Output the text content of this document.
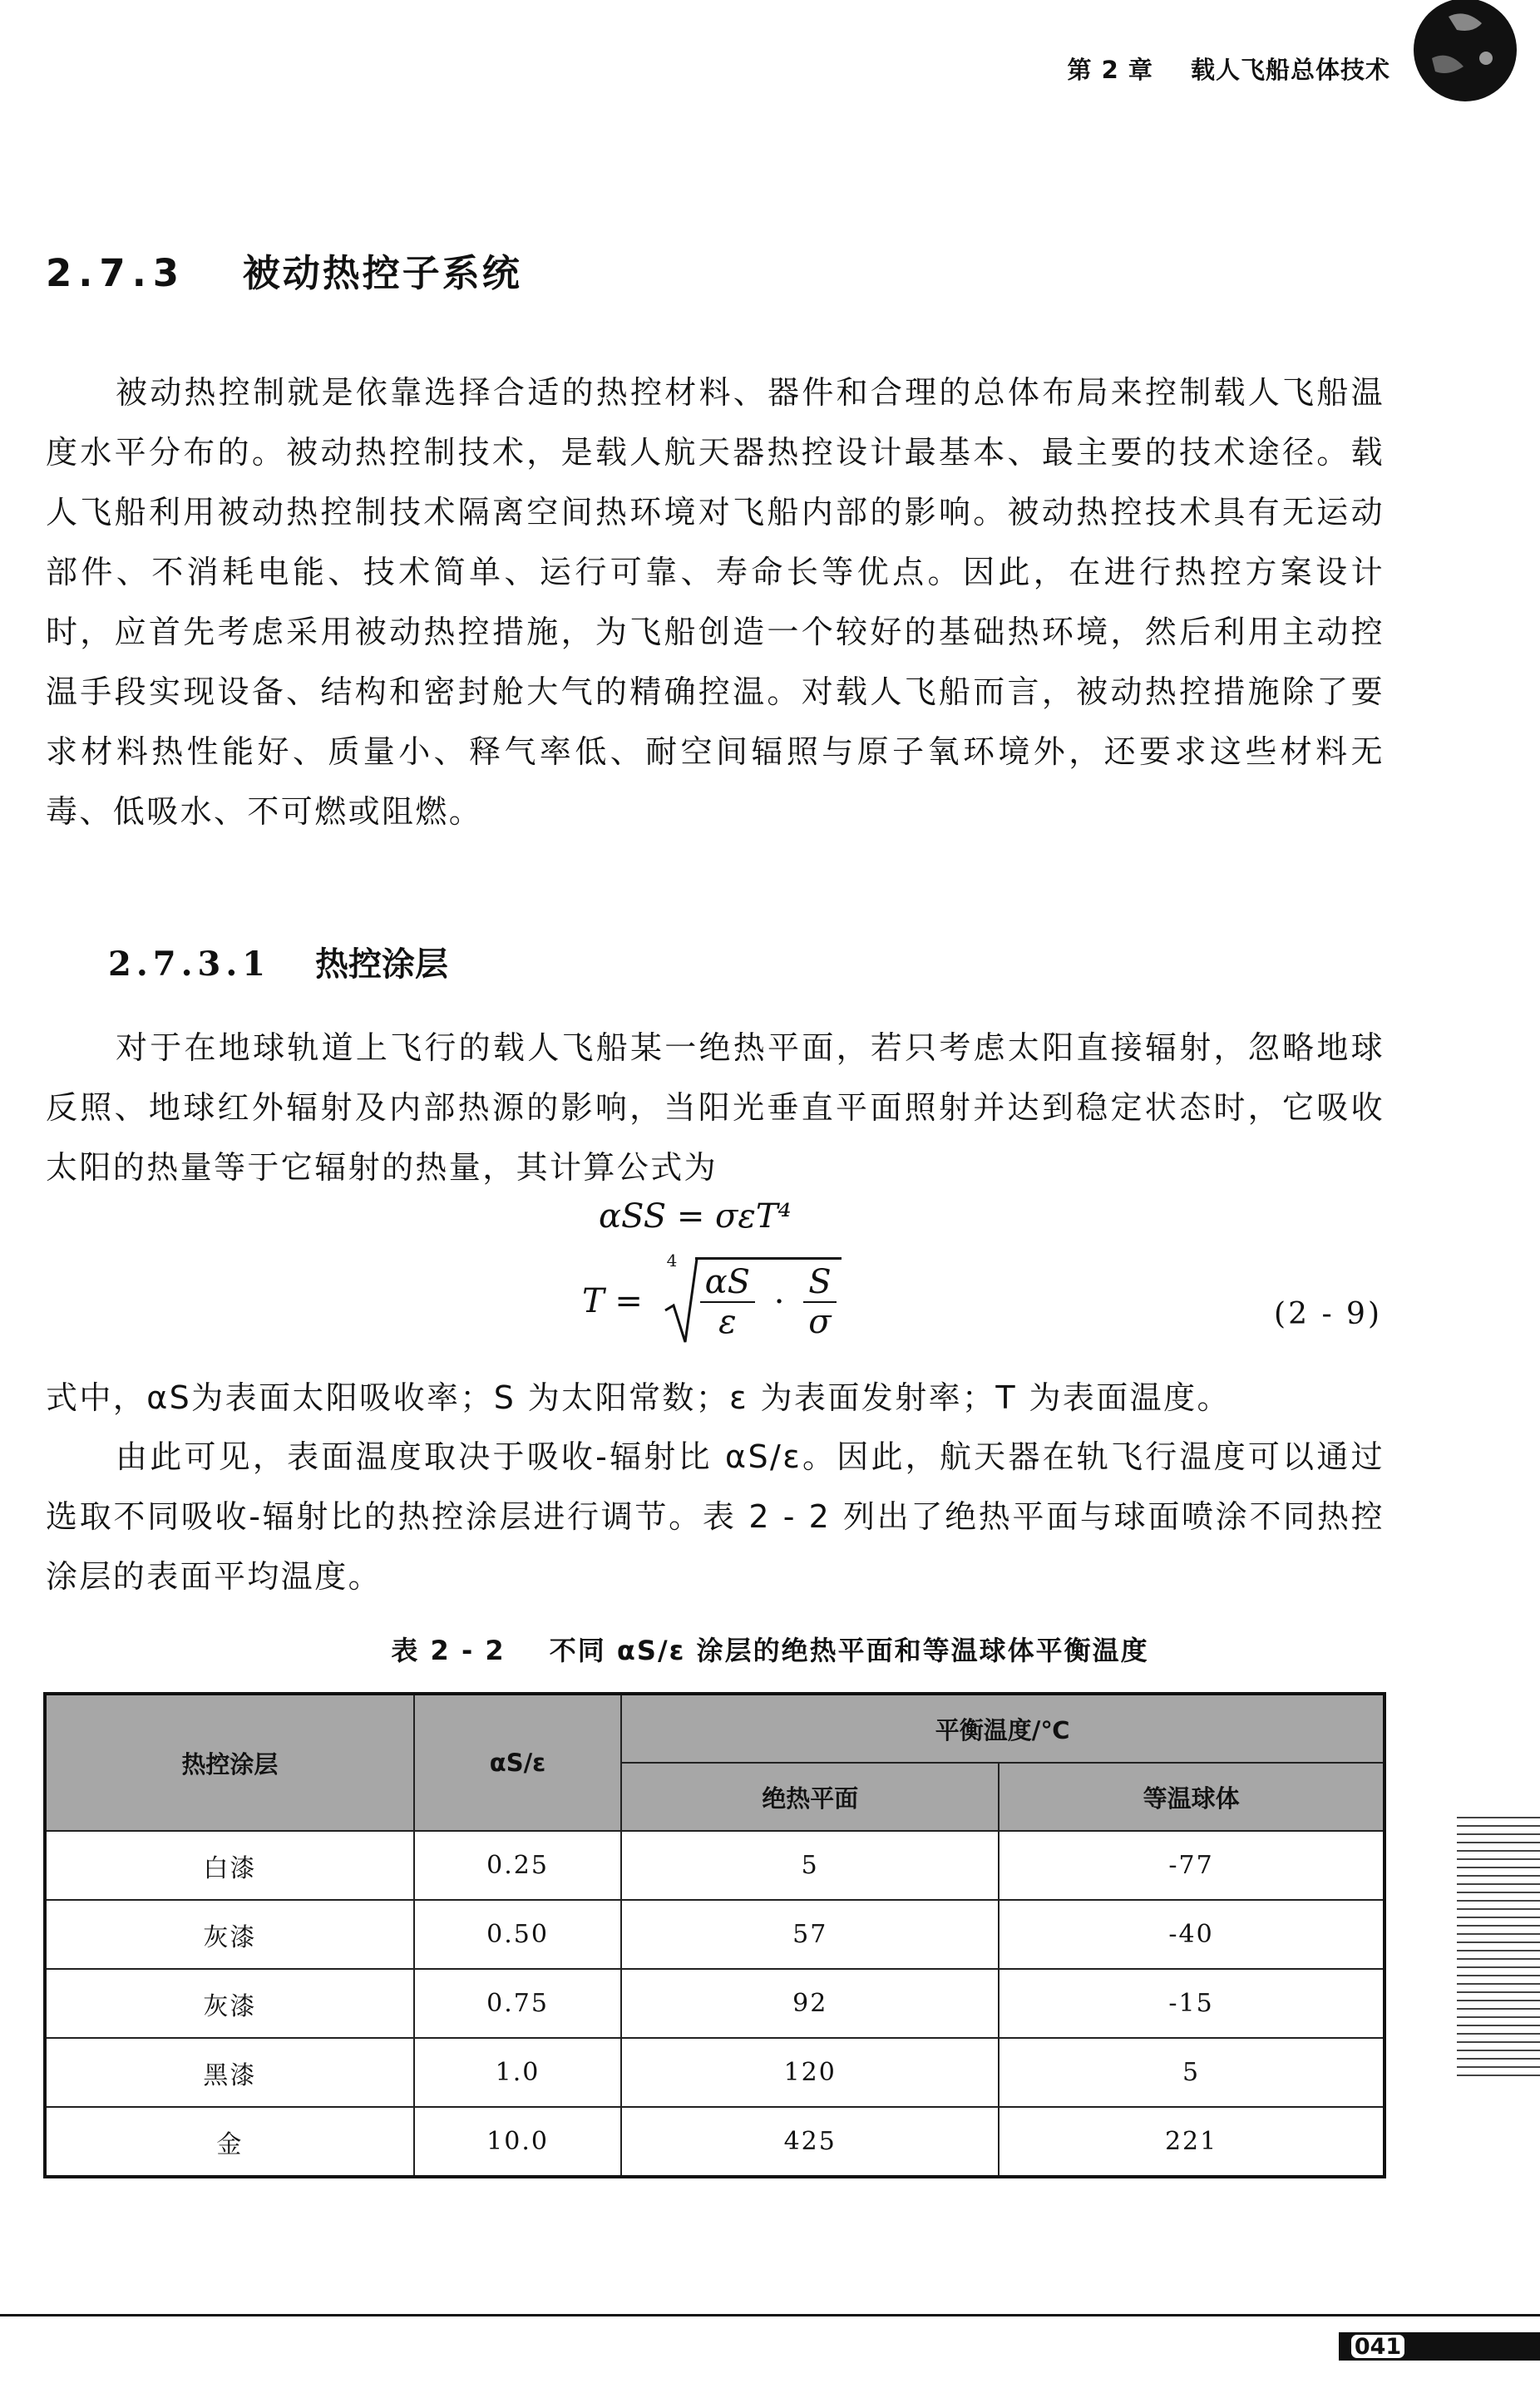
第 2 章 载人飞船总体技术
2.7.3 被动热控子系统

被动热控制就是依靠选择合适的热控材料、器件和合理的总体布局来控制载人飞船温度水平分布的。被动热控制技术，是载人航天器热控设计最基本、最主要的技术途径。载人飞船利用被动热控制技术隔离空间热环境对飞船内部的影响。被动热控技术具有无运动部件、不消耗电能、技术简单、运行可靠、寿命长等优点。因此，在进行热控方案设计时，应首先考虑采用被动热控措施，为飞船创造一个较好的基础热环境，然后利用主动控温手段实现设备、结构和密封舱大气的精确控温。对载人飞船而言，被动热控措施除了要求材料热性能好、质量小、释气率低、耐空间辐照与原子氧环境外，还要求这些材料无毒、低吸水、不可燃或阻燃。

2.7.3.1 热控涂层

对于在地球轨道上飞行的载人飞船某一绝热平面，若只考虑太阳直接辐射，忽略地球反照、地球红外辐射及内部热源的影响，当阳光垂直平面照射并达到稳定状态时，它吸收太阳的热量等于它辐射的热量，其计算公式为

αSS = σεT⁴
T =
4
$\frac{\alpha S}{\varepsilon} \cdot \frac{S}{\sigma}$	(2 - 9)

式中，αS为表面太阳吸收率；S 为太阳常数；ε 为表面发射率；T 为表面温度。

由此可见，表面温度取决于吸收-辐射比 αS/ε。因此，航天器在轨飞行温度可以通过选取不同吸收-辐射比的热控涂层进行调节。表 2 - 2 列出了绝热平面与球面喷涂不同热控涂层的表面平均温度。

表 2 - 2 不同 αS/ε 涂层的绝热平面和等温球体平衡温度
热控涂层	αS/ε	平衡温度/℃	
		绝热平面	等温球体
白漆	0.25	5	-77
灰漆	0.50	57	-40
灰漆	0.75	92	-15
黑漆	1.0	120	5
金	10.0	425	221
041
